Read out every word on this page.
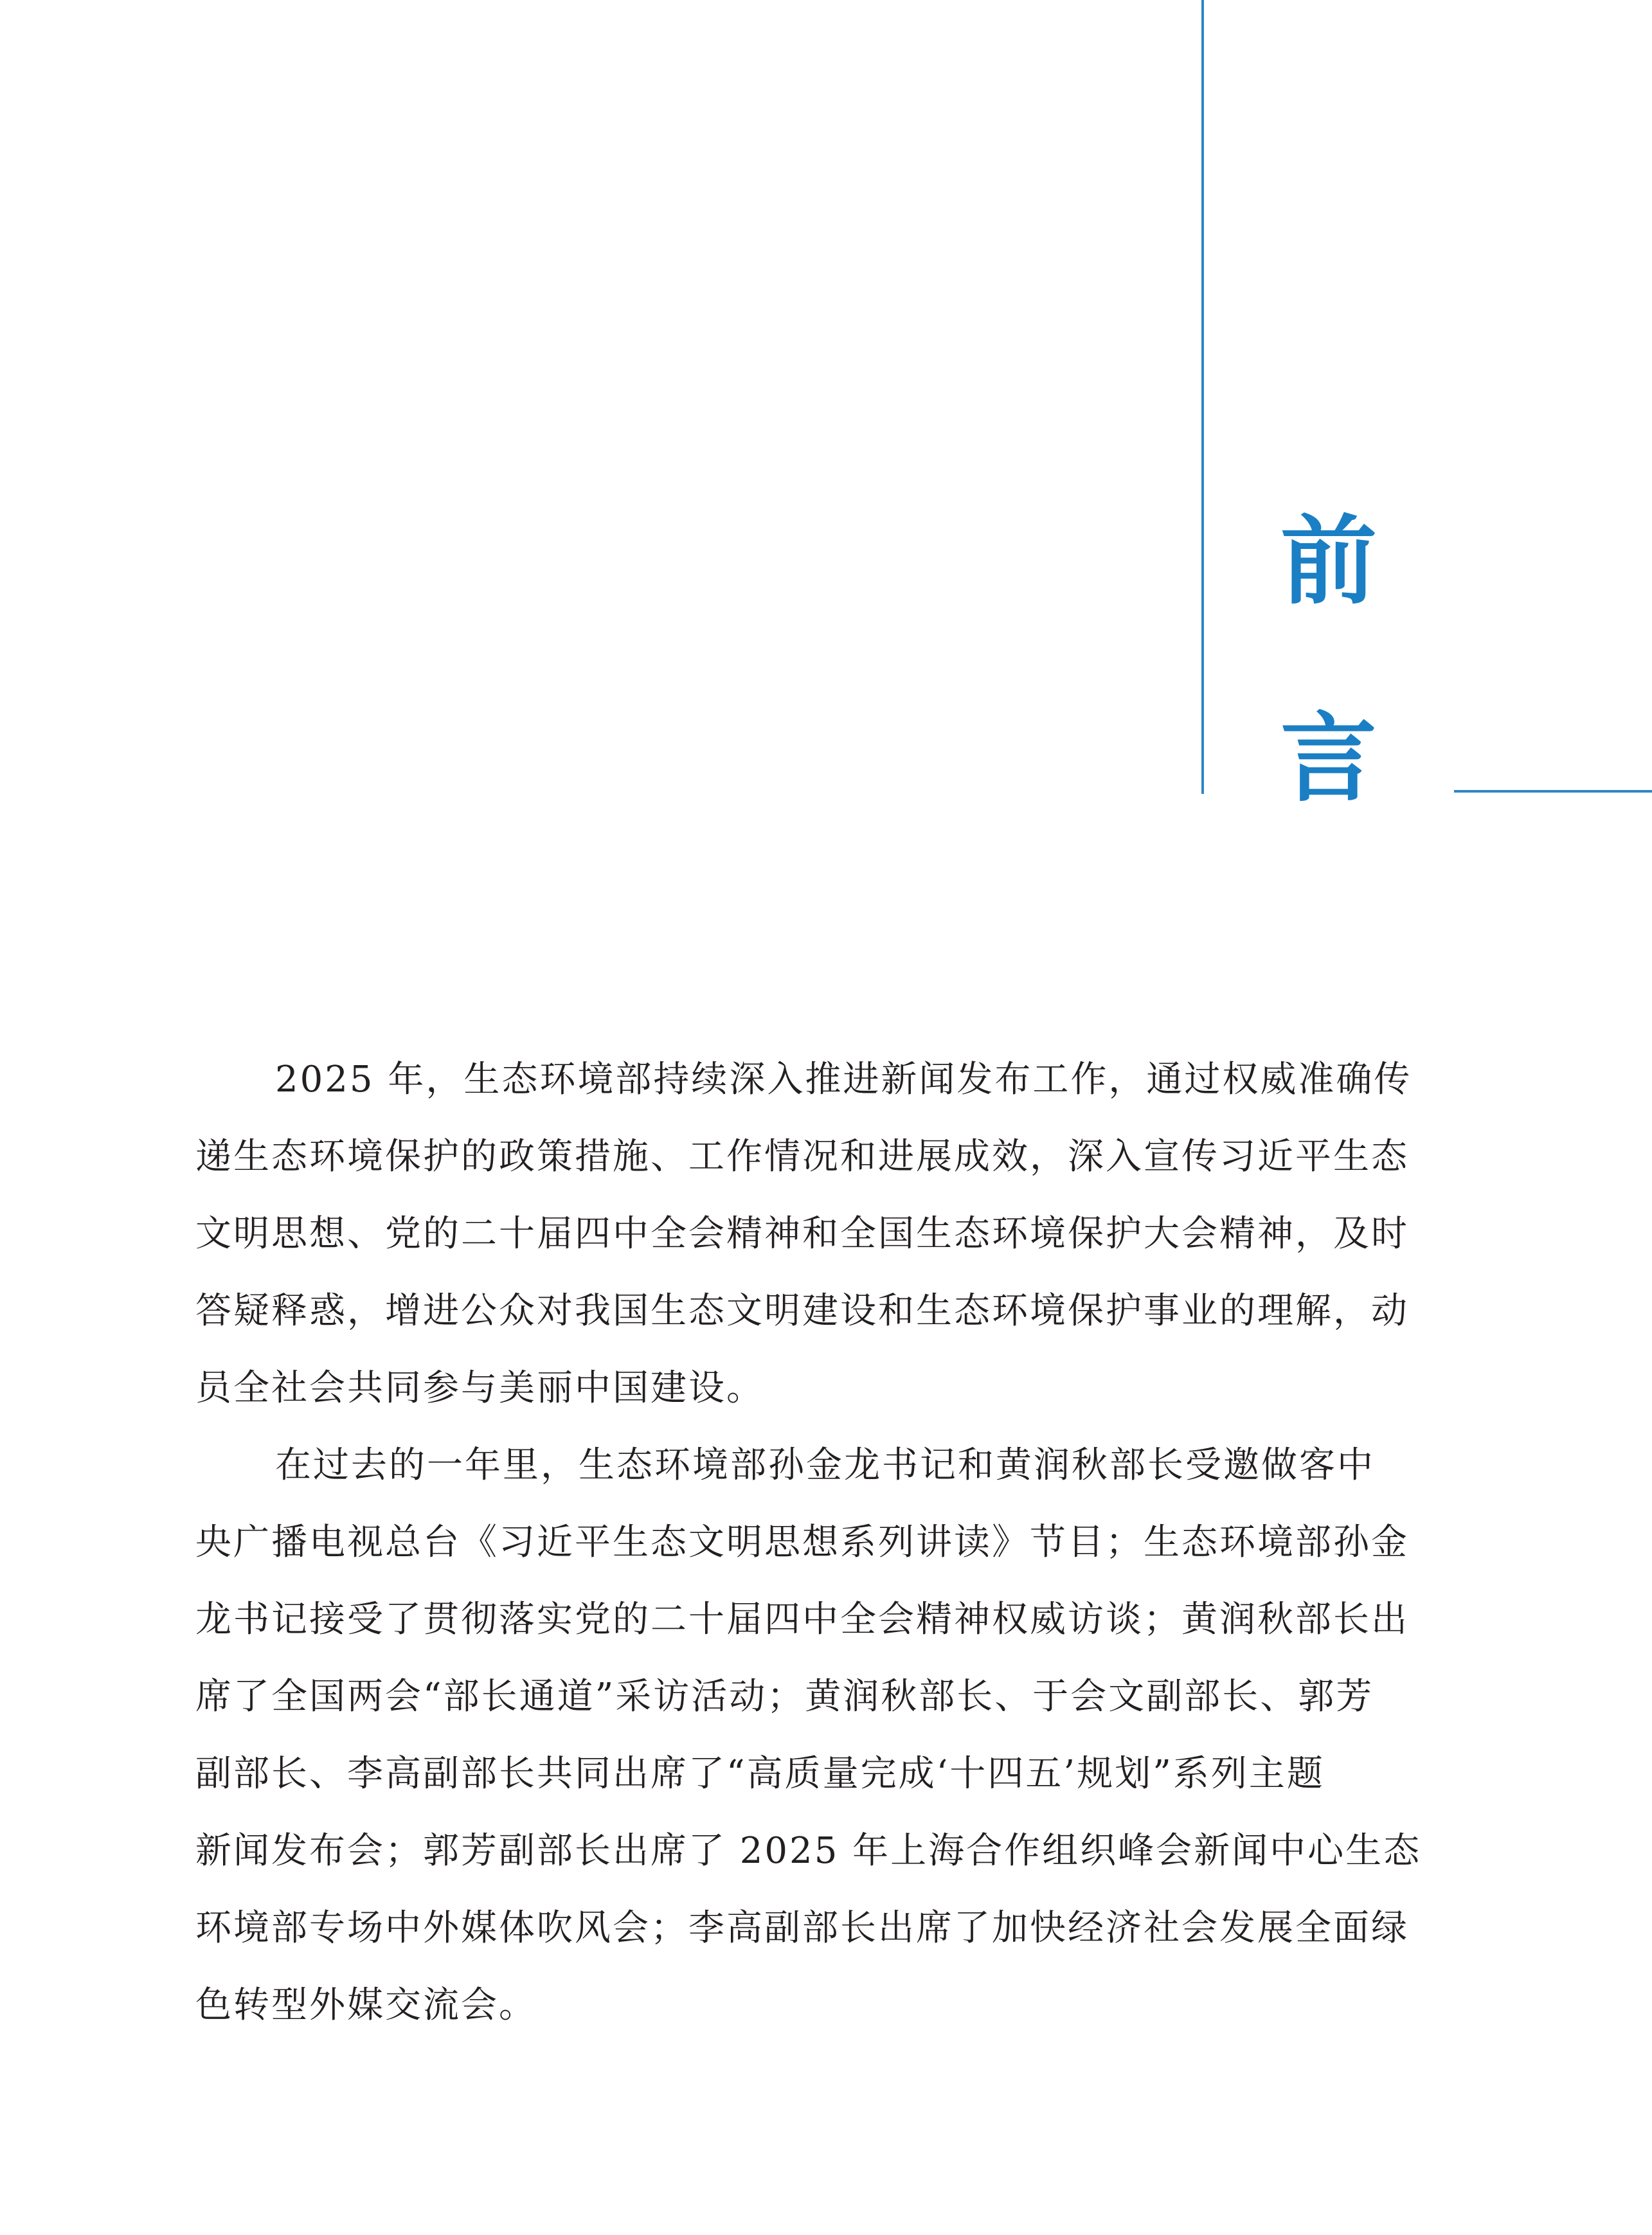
前
言
2025 年，生态环境部持续深入推进新闻发布工作，通过权威准确传
递生态环境保护的政策措施、工作情况和进展成效，深入宣传习近平生态
文明思想、党的二十届四中全会精神和全国生态环境保护大会精神，及时
答疑释惑，增进公众对我国生态文明建设和生态环境保护事业的理解，动
员全社会共同参与美丽中国建设。
在过去的一年里，生态环境部孙金龙书记和黄润秋部长受邀做客中
央广播电视总台《习近平生态文明思想系列讲读》节目；生态环境部孙金
龙书记接受了贯彻落实党的二十届四中全会精神权威访谈；黄润秋部长出
席了全国两会“部长通道”采访活动；黄润秋部长、于会文副部长、郭芳
副部长、李高副部长共同出席了“高质量完成‘十四五’规划”系列主题
新闻发布会；郭芳副部长出席了 2025 年上海合作组织峰会新闻中心生态
环境部专场中外媒体吹风会；李高副部长出席了加快经济社会发展全面绿
色转型外媒交流会。
